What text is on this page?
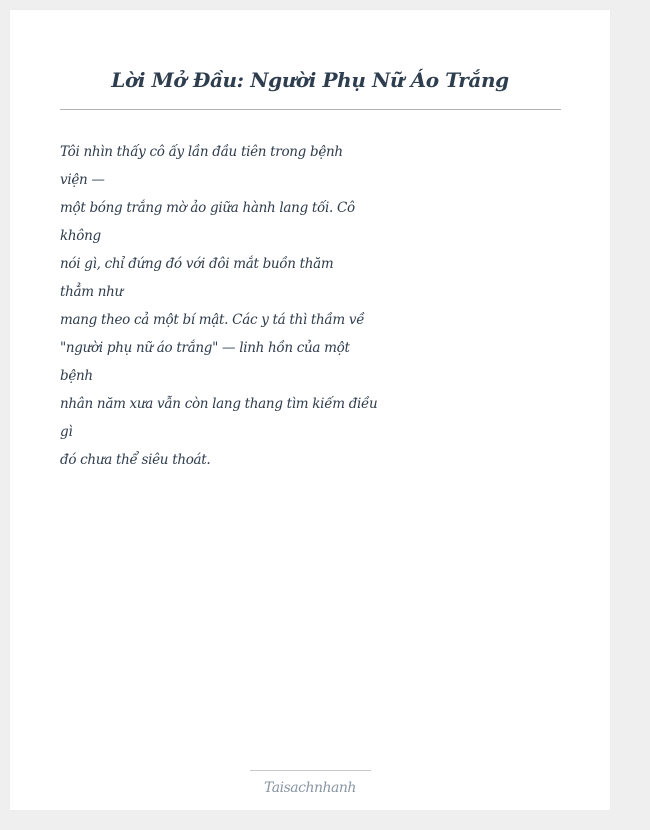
Lời Mở Đầu: Người Phụ Nữ Áo Trắng
Tôi nhìn thấy cô ấy lần đầu tiên trong bệnh
viện —
một bóng trắng mờ ảo giữa hành lang tối. Cô
không
nói gì, chỉ đứng đó với đôi mắt buồn thăm
thẳm như
mang theo cả một bí mật. Các y tá thì thầm về
"người phụ nữ áo trắng" — linh hồn của một
bệnh
nhân năm xưa vẫn còn lang thang tìm kiếm điều
gì
đó chưa thể siêu thoát.
Taisachnhanh
